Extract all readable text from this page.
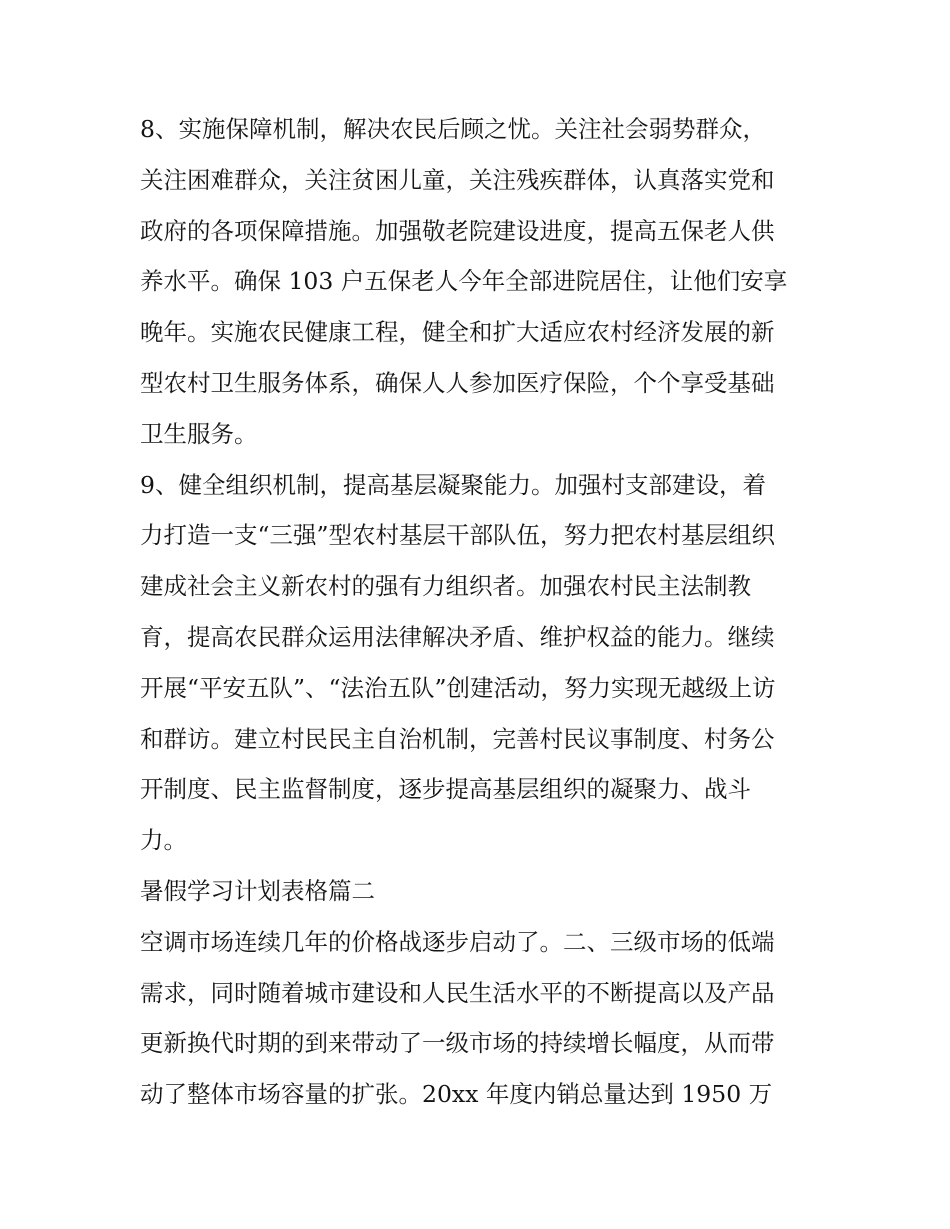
8、实施保障机制，解决农民后顾之忧。关注社会弱势群众，
关注困难群众，关注贫困儿童，关注残疾群体，认真落实党和
政府的各项保障措施。加强敬老院建设进度，提高五保老人供
养水平。确保 103 户五保老人今年全部进院居住，让他们安享
晚年。实施农民健康工程，健全和扩大适应农村经济发展的新
型农村卫生服务体系，确保人人参加医疗保险，个个享受基础
卫生服务。
9、健全组织机制，提高基层凝聚能力。加强村支部建设，着
力打造一支“三强”型农村基层干部队伍，努力把农村基层组织
建成社会主义新农村的强有力组织者。加强农村民主法制教
育，提高农民群众运用法律解决矛盾、维护权益的能力。继续
开展“平安五队”、“法治五队”创建活动，努力实现无越级上访
和群访。建立村民民主自治机制，完善村民议事制度、村务公
开制度、民主监督制度，逐步提高基层组织的凝聚力、战斗
力。
暑假学习计划表格篇二
空调市场连续几年的价格战逐步启动了。二、三级市场的低端
需求，同时随着城市建设和人民生活水平的不断提高以及产品
更新换代时期的到来带动了一级市场的持续增长幅度，从而带
动了整体市场容量的扩张。20xx 年度内销总量达到 1950 万
